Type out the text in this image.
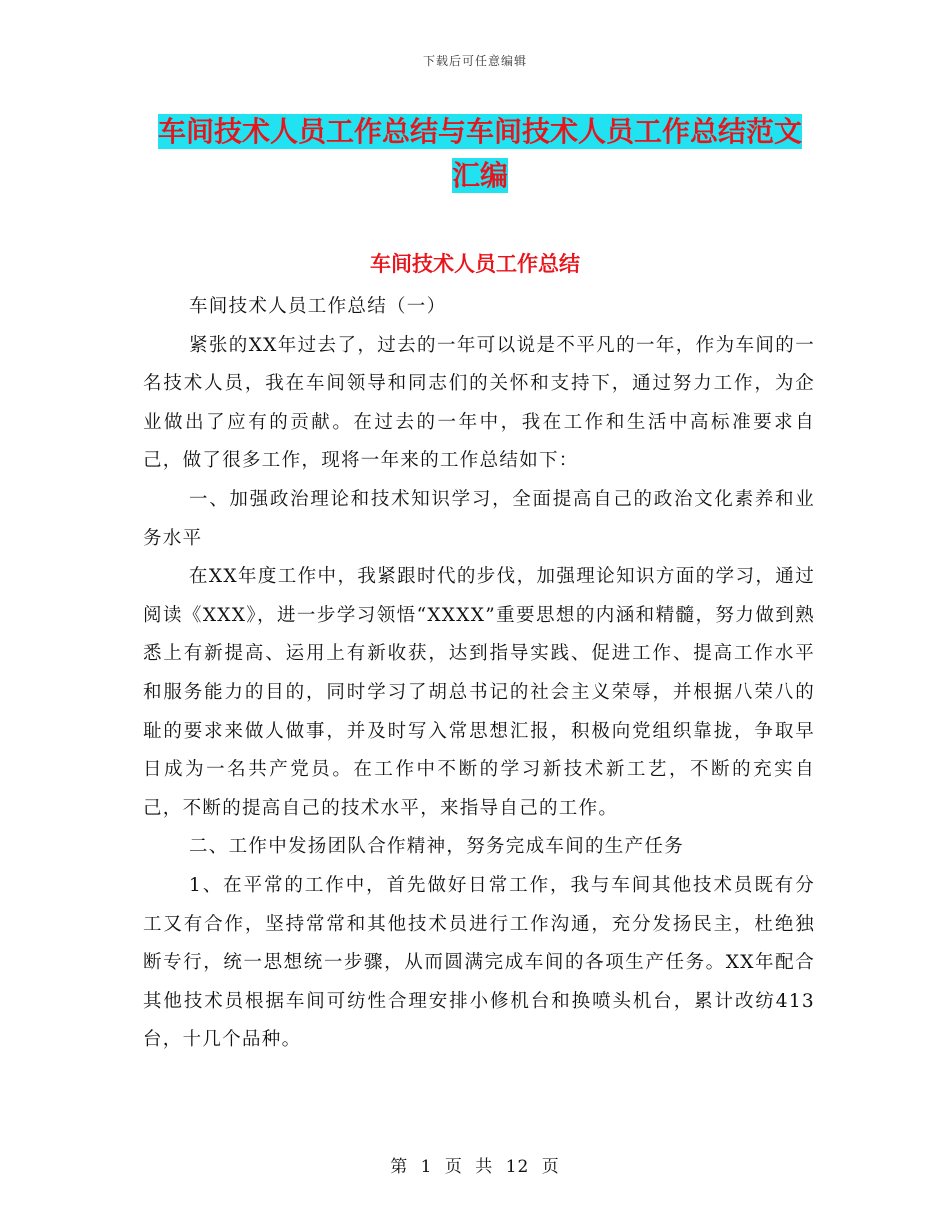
下载后可任意编辑
车间技术人员工作总结与车间技术人员工作总结范文
汇编
车间技术人员工作总结

车间技术人员工作总结（一）

紧张的XX年过去了，过去的一年可以说是不平凡的一年，作为车间的一名技术人员，我在车间领导和同志们的关怀和支持下，通过努力工作，为企业做出了应有的贡献。在过去的一年中，我在工作和生活中高标准要求自己，做了很多工作，现将一年来的工作总结如下：

一、加强政治理论和技术知识学习，全面提高自己的政治文化素养和业务水平

在XX年度工作中，我紧跟时代的步伐，加强理论知识方面的学习，通过阅读《XXX》，进一步学习领悟“XXXX”重要思想的内涵和精髓，努力做到熟悉上有新提高、运用上有新收获，达到指导实践、促进工作、提高工作水平和服务能力的目的，同时学习了胡总书记的社会主义荣辱，并根据八荣八的耻的要求来做人做事，并及时写入常思想汇报，积极向党组织靠拢，争取早日成为一名共产党员。在工作中不断的学习新技术新工艺，不断的充实自己，不断的提高自己的技术水平，来指导自己的工作。

二、工作中发扬团队合作精神，努务完成车间的生产任务

1、在平常的工作中，首先做好日常工作，我与车间其他技术员既有分工又有合作，坚持常常和其他技术员进行工作沟通，充分发扬民主，杜绝独断专行，统一思想统一步骤，从而圆满完成车间的各项生产任务。XX年配合其他技术员根据车间可纺性合理安排小修机台和换喷头机台，累计改纺413台，十几个品种。

第 1 页 共 12 页
